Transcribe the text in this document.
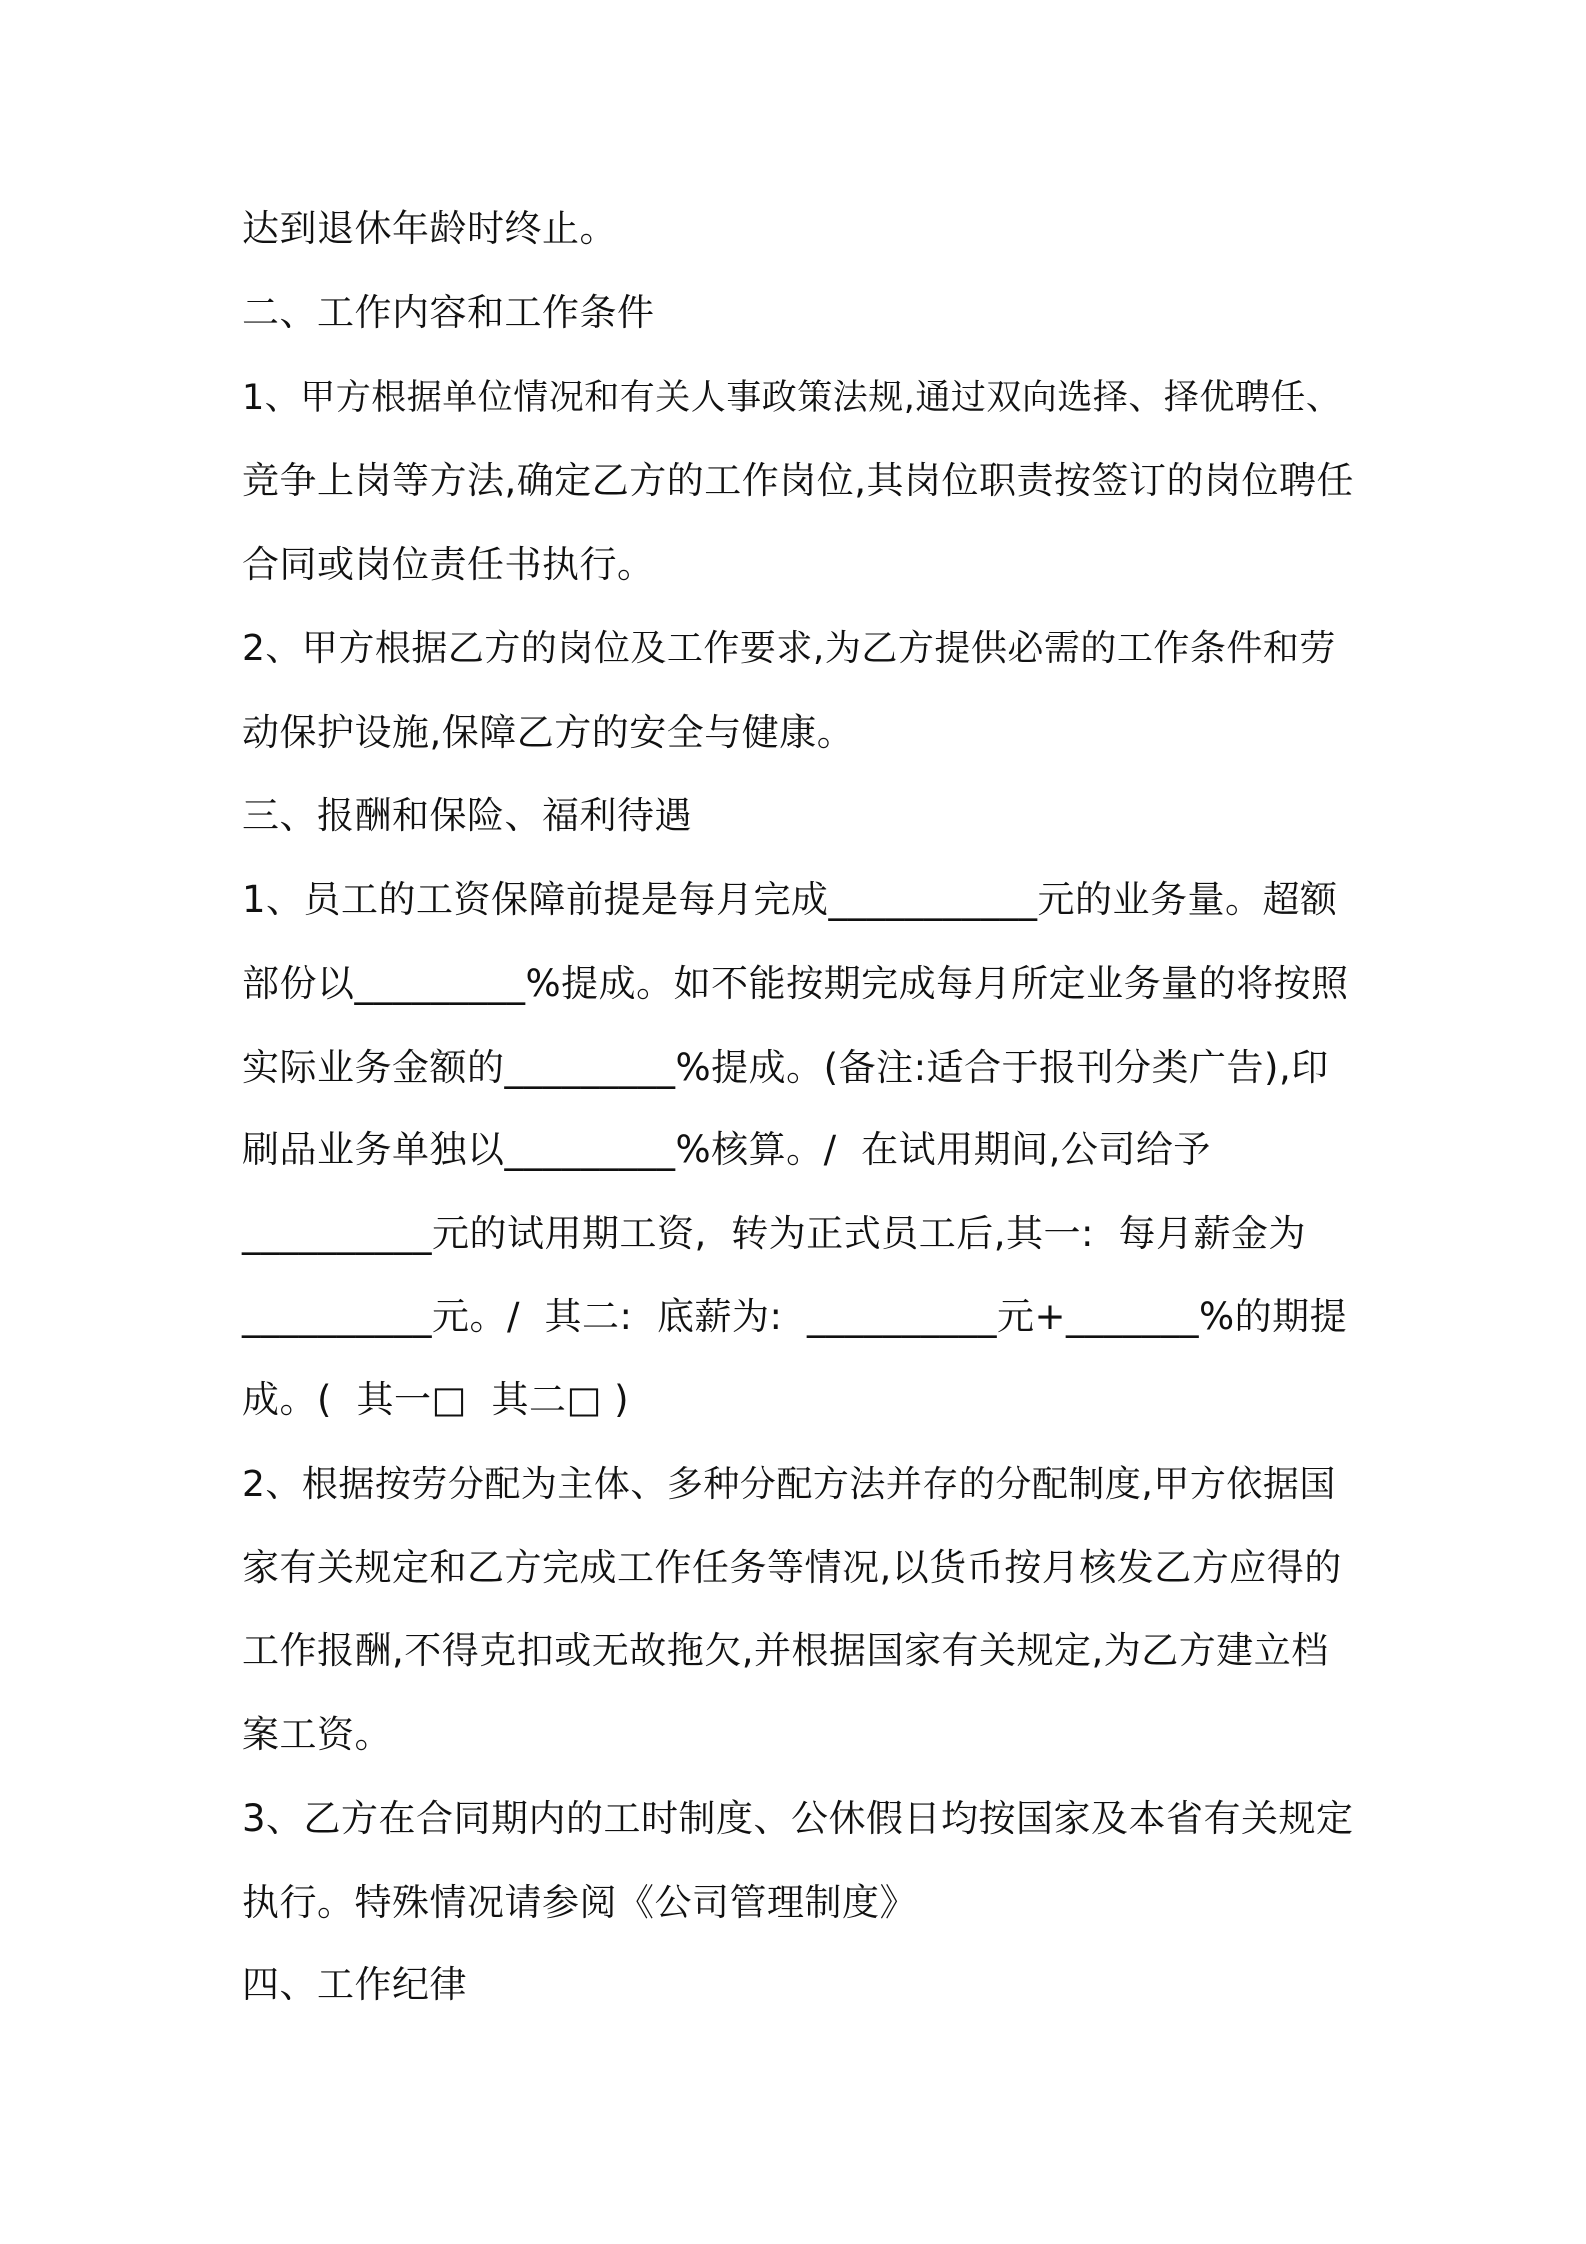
达到退休年龄时终止。
二、工作内容和工作条件
1、甲方根据单位情况和有关人事政策法规,通过双向选择、择优聘任、
竞争上岗等方法,确定乙方的工作岗位,其岗位职责按签订的岗位聘任
合同或岗位责任书执行。
2、甲方根据乙方的岗位及工作要求,为乙方提供必需的工作条件和劳
动保护设施,保障乙方的安全与健康。
三、报酬和保险、福利待遇
1、员工的工资保障前提是每月完成___________元的业务量。超额
部份以_________%提成。如不能按期完成每月所定业务量的将按照
实际业务金额的_________%提成。(备注:适合于报刊分类广告),印
刷品业务单独以_________%核算。/  在试用期间,公司给予
__________元的试用期工资,  转为正式员工后,其一:  每月薪金为
__________元。/  其二:  底薪为:  __________元+_______%的期提
成。(  其一□  其二□ )
2、根据按劳分配为主体、多种分配方法并存的分配制度,甲方依据国
家有关规定和乙方完成工作任务等情况,以货币按月核发乙方应得的
工作报酬,不得克扣或无故拖欠,并根据国家有关规定,为乙方建立档
案工资。
3、乙方在合同期内的工时制度、公休假日均按国家及本省有关规定
执行。特殊情况请参阅《公司管理制度》
四、工作纪律
